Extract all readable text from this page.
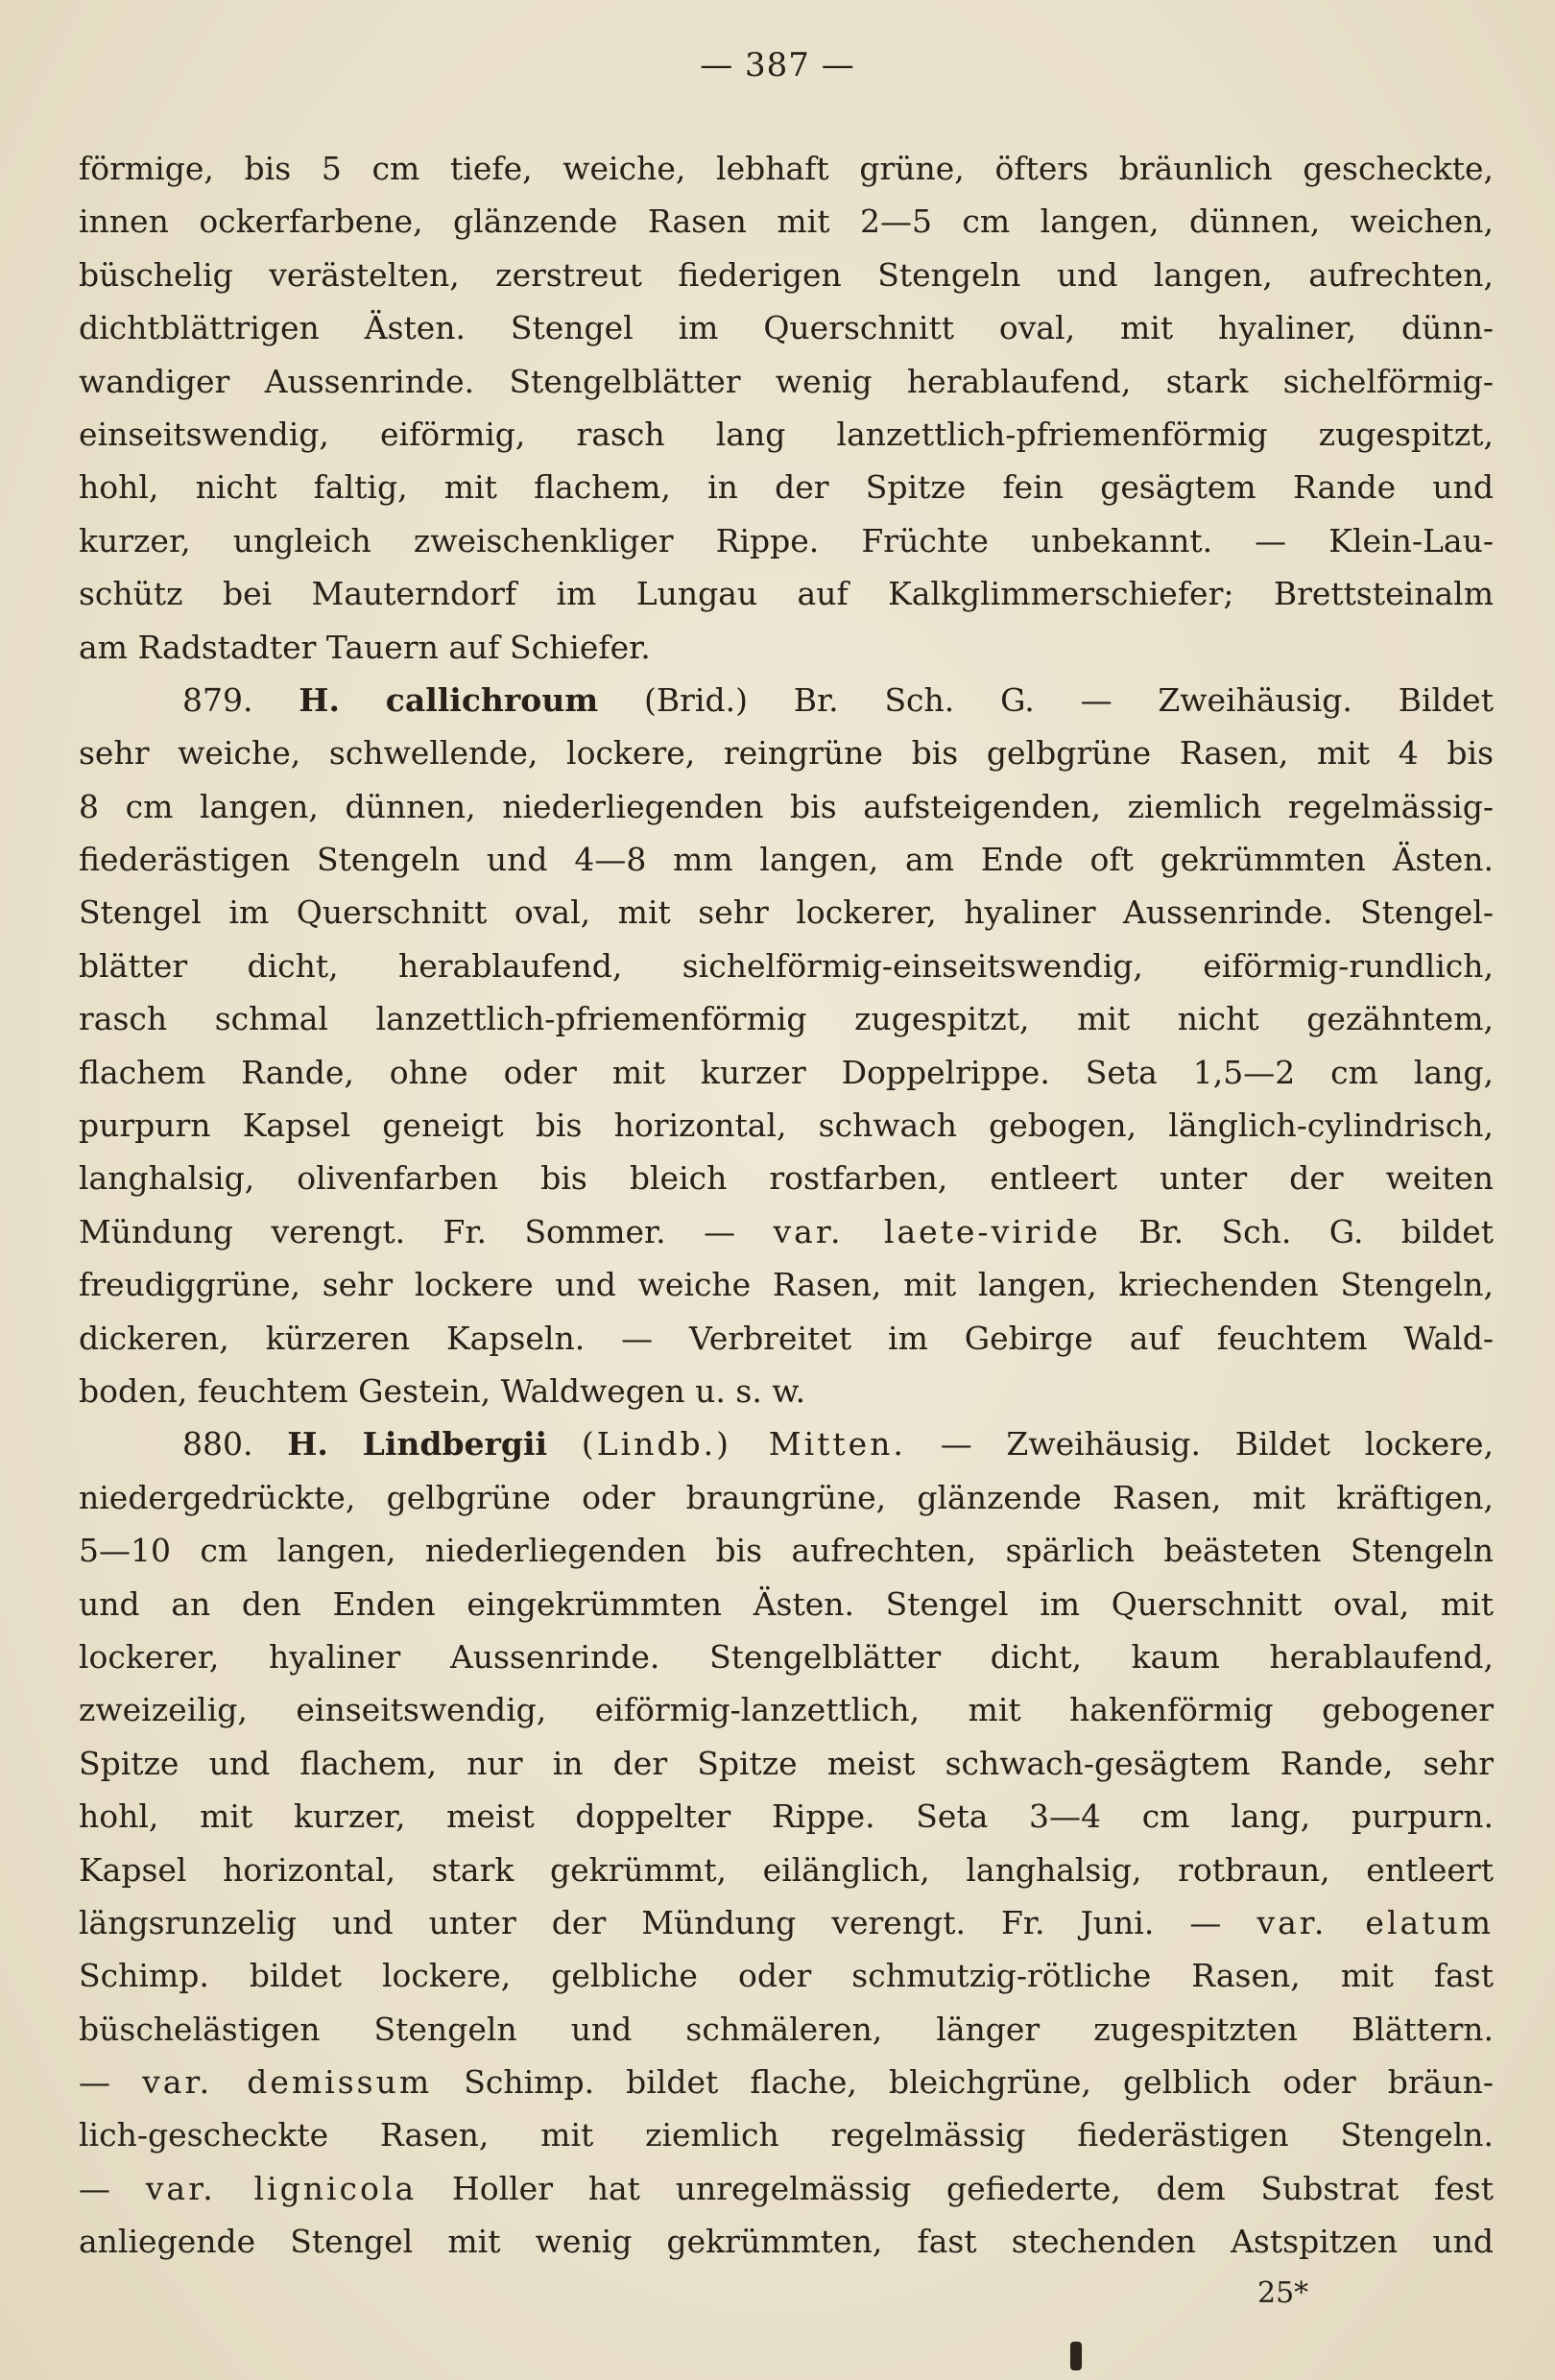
— 387 —
förmige, bis 5 cm tiefe, weiche, lebhaft grüne, öfters bräunlich gescheckte,
innen ockerfarbene, glänzende Rasen mit 2—5 cm langen, dünnen, weichen,
büschelig verästelten, zerstreut fiederigen Stengeln und langen, aufrechten,
dichtblättrigen Ästen. Stengel im Querschnitt oval, mit hyaliner, dünn-
wandiger Aussenrinde. Stengelblätter wenig herablaufend, stark sichelförmig-
einseitswendig, eiförmig, rasch lang lanzettlich-pfriemenförmig zugespitzt,
hohl, nicht faltig, mit flachem, in der Spitze fein gesägtem Rande und
kurzer, ungleich zweischenkliger Rippe. Früchte unbekannt. — Klein-Lau-
schütz bei Mauterndorf im Lungau auf Kalkglimmerschiefer; Brettsteinalm
am Radstadter Tauern auf Schiefer.
879. H. callichroum (Brid.) Br. Sch. G. — Zweihäusig. Bildet
sehr weiche, schwellende, lockere, reingrüne bis gelbgrüne Rasen, mit 4 bis
8 cm langen, dünnen, niederliegenden bis aufsteigenden, ziemlich regelmässig-
fiederästigen Stengeln und 4—8 mm langen, am Ende oft gekrümmten Ästen.
Stengel im Querschnitt oval, mit sehr lockerer, hyaliner Aussenrinde. Stengel-
blätter dicht, herablaufend, sichelförmig-einseitswendig, eiförmig-rundlich,
rasch schmal lanzettlich-pfriemenförmig zugespitzt, mit nicht gezähntem,
flachem Rande, ohne oder mit kurzer Doppelrippe. Seta 1,5—2 cm lang,
purpurn Kapsel geneigt bis horizontal, schwach gebogen, länglich-cylindrisch,
langhalsig, olivenfarben bis bleich rostfarben, entleert unter der weiten
Mündung verengt. Fr. Sommer. — var. laete-viride Br. Sch. G. bildet
freudiggrüne, sehr lockere und weiche Rasen, mit langen, kriechenden Stengeln,
dickeren, kürzeren Kapseln. — Verbreitet im Gebirge auf feuchtem Wald-
boden, feuchtem Gestein, Waldwegen u. s. w.
880. H. Lindbergii (Lindb.) Mitten. — Zweihäusig. Bildet lockere,
niedergedrückte, gelbgrüne oder braungrüne, glänzende Rasen, mit kräftigen,
5—10 cm langen, niederliegenden bis aufrechten, spärlich beästeten Stengeln
und an den Enden eingekrümmten Ästen. Stengel im Querschnitt oval, mit
lockerer, hyaliner Aussenrinde. Stengelblätter dicht, kaum herablaufend,
zweizeilig, einseitswendig, eiförmig-lanzettlich, mit hakenförmig gebogener
Spitze und flachem, nur in der Spitze meist schwach-gesägtem Rande, sehr
hohl, mit kurzer, meist doppelter Rippe. Seta 3—4 cm lang, purpurn.
Kapsel horizontal, stark gekrümmt, eilänglich, langhalsig, rotbraun, entleert
längsrunzelig und unter der Mündung verengt. Fr. Juni. — var. elatum
Schimp. bildet lockere, gelbliche oder schmutzig-rötliche Rasen, mit fast
büschelästigen Stengeln und schmäleren, länger zugespitzten Blättern.
— var. demissum Schimp. bildet flache, bleichgrüne, gelblich oder bräun-
lich-gescheckte Rasen, mit ziemlich regelmässig fiederästigen Stengeln.
— var. lignicola Holler hat unregelmässig gefiederte, dem Substrat fest
anliegende Stengel mit wenig gekrümmten, fast stechenden Astspitzen und
25*
